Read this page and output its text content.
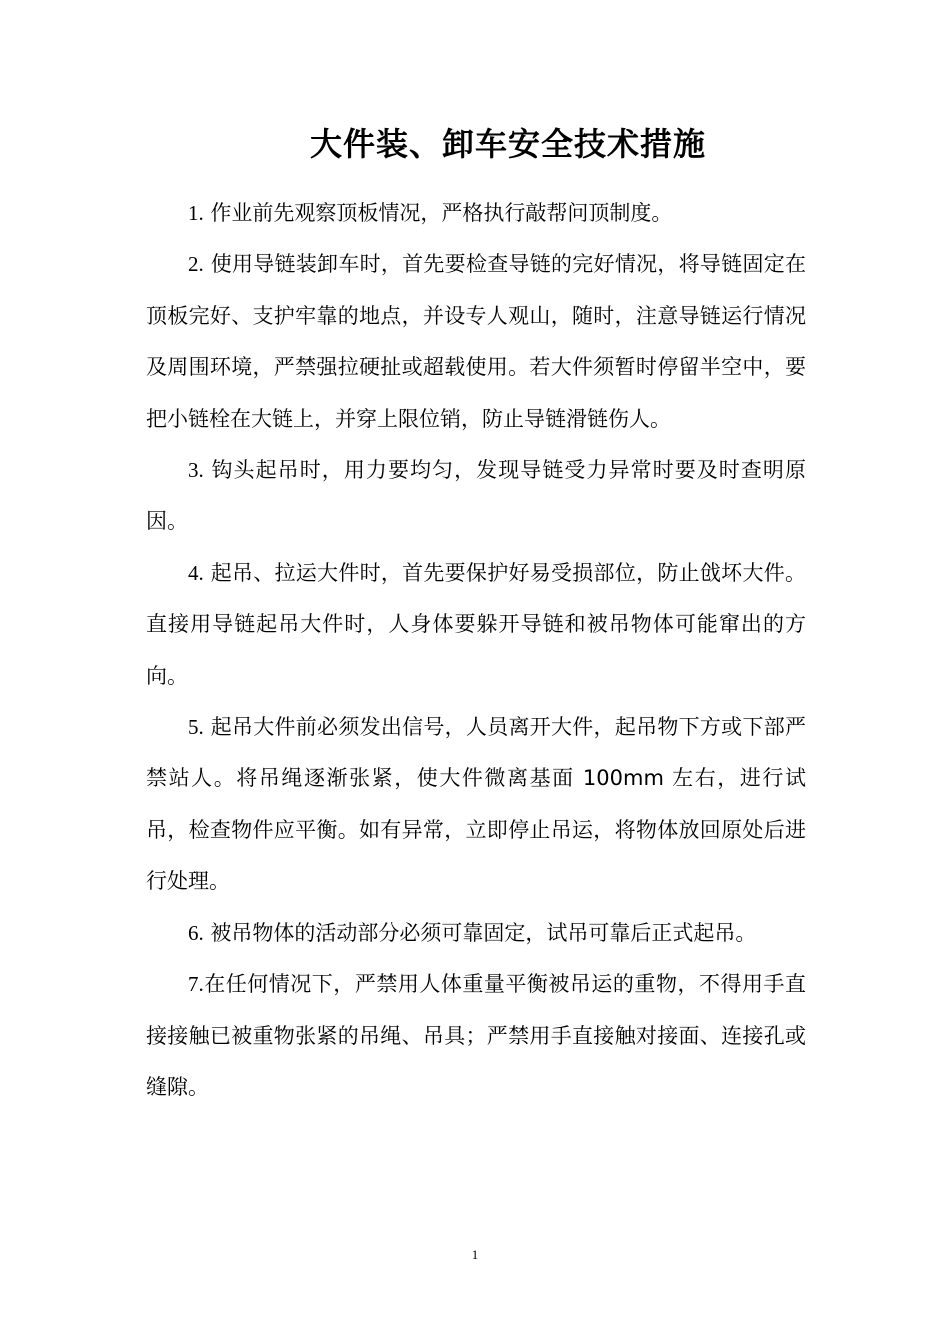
大件装、卸车安全技术措施

1. 作业前先观察顶板情况，严格执行敲帮问顶制度。

2. 使用导链装卸车时，首先要检查导链的完好情况，将导链固定在顶板完好、支护牢靠的地点，并设专人观山，随时，注意导链运行情况及周围环境，严禁强拉硬扯或超载使用。若大件须暂时停留半空中，要把小链栓在大链上，并穿上限位销，防止导链滑链伤人。

3. 钩头起吊时，用力要均匀，发现导链受力异常时要及时查明原因。

4. 起吊、拉运大件时，首先要保护好易受损部位，防止戗坏大件。直接用导链起吊大件时，人身体要躲开导链和被吊物体可能窜出的方向。

5. 起吊大件前必须发出信号，人员离开大件，起吊物下方或下部严禁站人。将吊绳逐渐张紧，使大件微离基面 100mm 左右，进行试吊，检查物件应平衡。如有异常，立即停止吊运，将物体放回原处后进行处理。

6. 被吊物体的活动部分必须可靠固定，试吊可靠后正式起吊。

7.在任何情况下，严禁用人体重量平衡被吊运的重物，不得用手直接接触已被重物张紧的吊绳、吊具；严禁用手直接触对接面、连接孔或缝隙。

1
